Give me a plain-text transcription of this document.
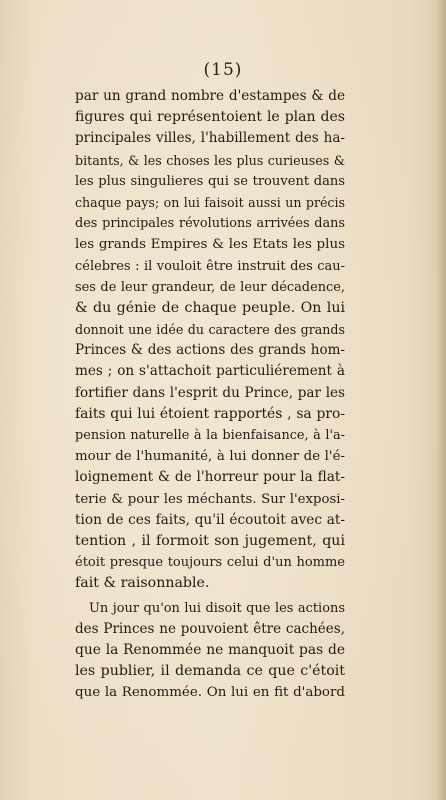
(15)
par un grand nombre d'estampes & de
figures qui représentoient le plan des
principales villes, l'habillement des ha-
bitants, & les choses les plus curieuses &
les plus singulieres qui se trouvent dans
chaque pays; on lui faisoit aussi un précis
des principales révolutions arrivées dans
les grands Empires & les Etats les plus
célebres : il vouloit être instruit des cau-
ses de leur grandeur, de leur décadence,
& du génie de chaque peuple. On lui
donnoit une idée du caractere des grands
Princes & des actions des grands hom-
mes ; on s'attachoit particuliérement à
fortifier dans l'esprit du Prince, par les
faits qui lui étoient rapportés , sa pro-
pension naturelle à la bienfaisance, à l'a-
mour de l'humanité, à lui donner de l'é-
loignement & de l'horreur pour la flat-
terie & pour les méchants. Sur l'exposi-
tion de ces faits, qu'il écoutoit avec at-
tention , il formoit son jugement, qui
étoit presque toujours celui d'un homme
fait & raisonnable.
Un jour qu'on lui disoit que les actions
des Princes ne pouvoient être cachées,
que la Renommée ne manquoit pas de
les publier, il demanda ce que c'étoit
que la Renommée. On lui en fit d'abord
